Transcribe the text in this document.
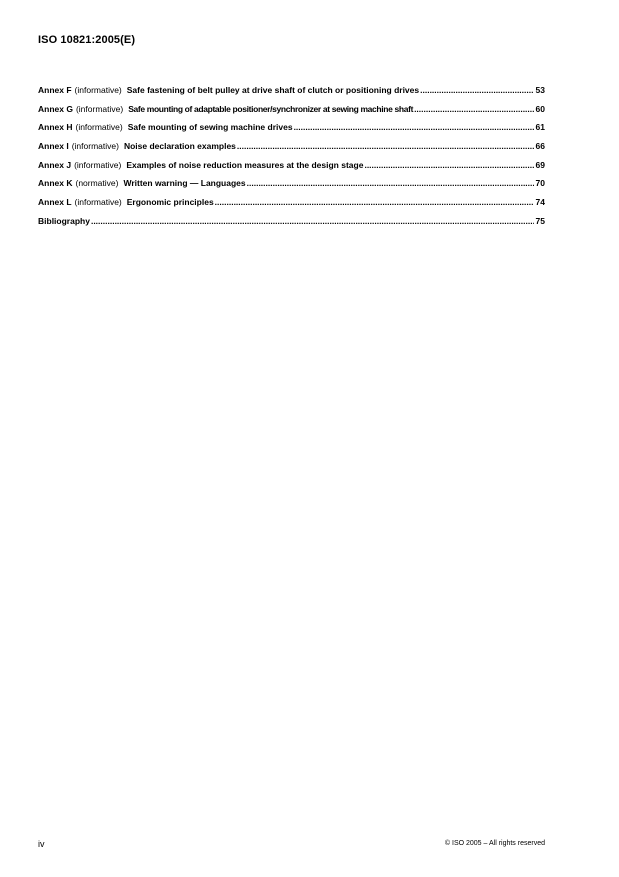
ISO 10821:2005(E)
Annex F (informative) Safe fastening of belt pulley at drive shaft of clutch or positioning drives .....	53
Annex G (informative) Safe mounting of adaptable positioner/synchronizer at sewing machine shaft .....	60
Annex H (informative) Safe mounting of sewing machine drives .....	61
Annex I (informative) Noise declaration examples .....	66
Annex J (informative) Examples of noise reduction measures at the design stage .....	69
Annex K (normative) Written warning — Languages .....	70
Annex L (informative) Ergonomic principles .....	74
Bibliography .....	75
iv	© ISO 2005 – All rights reserved
